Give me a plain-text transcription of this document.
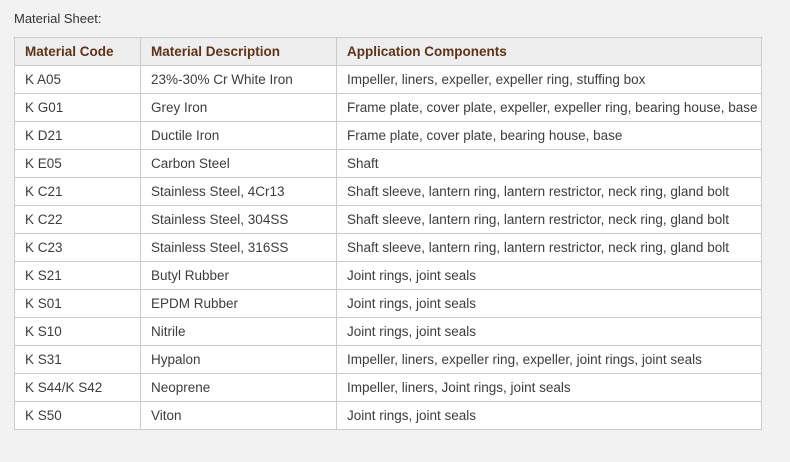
Material Sheet:
Material Code	Material Description	Application Components
K A05	23%-30% Cr White Iron	Impeller, liners, expeller, expeller ring, stuffing box
K G01	Grey Iron	Frame plate, cover plate, expeller, expeller ring, bearing house, base
K D21	Ductile Iron	Frame plate, cover plate, bearing house, base
K E05	Carbon Steel	Shaft
K C21	Stainless Steel, 4Cr13	Shaft sleeve, lantern ring, lantern restrictor, neck ring, gland bolt
K C22	Stainless Steel, 304SS	Shaft sleeve, lantern ring, lantern restrictor, neck ring, gland bolt
K C23	Stainless Steel, 316SS	Shaft sleeve, lantern ring, lantern restrictor, neck ring, gland bolt
K S21	Butyl Rubber	Joint rings, joint seals
K S01	EPDM Rubber	Joint rings, joint seals
K S10	Nitrile	Joint rings, joint seals
K S31	Hypalon	Impeller, liners, expeller ring, expeller, joint rings, joint seals
K S44/K S42	Neoprene	Impeller, liners, Joint rings, joint seals
K S50	Viton	Joint rings, joint seals
